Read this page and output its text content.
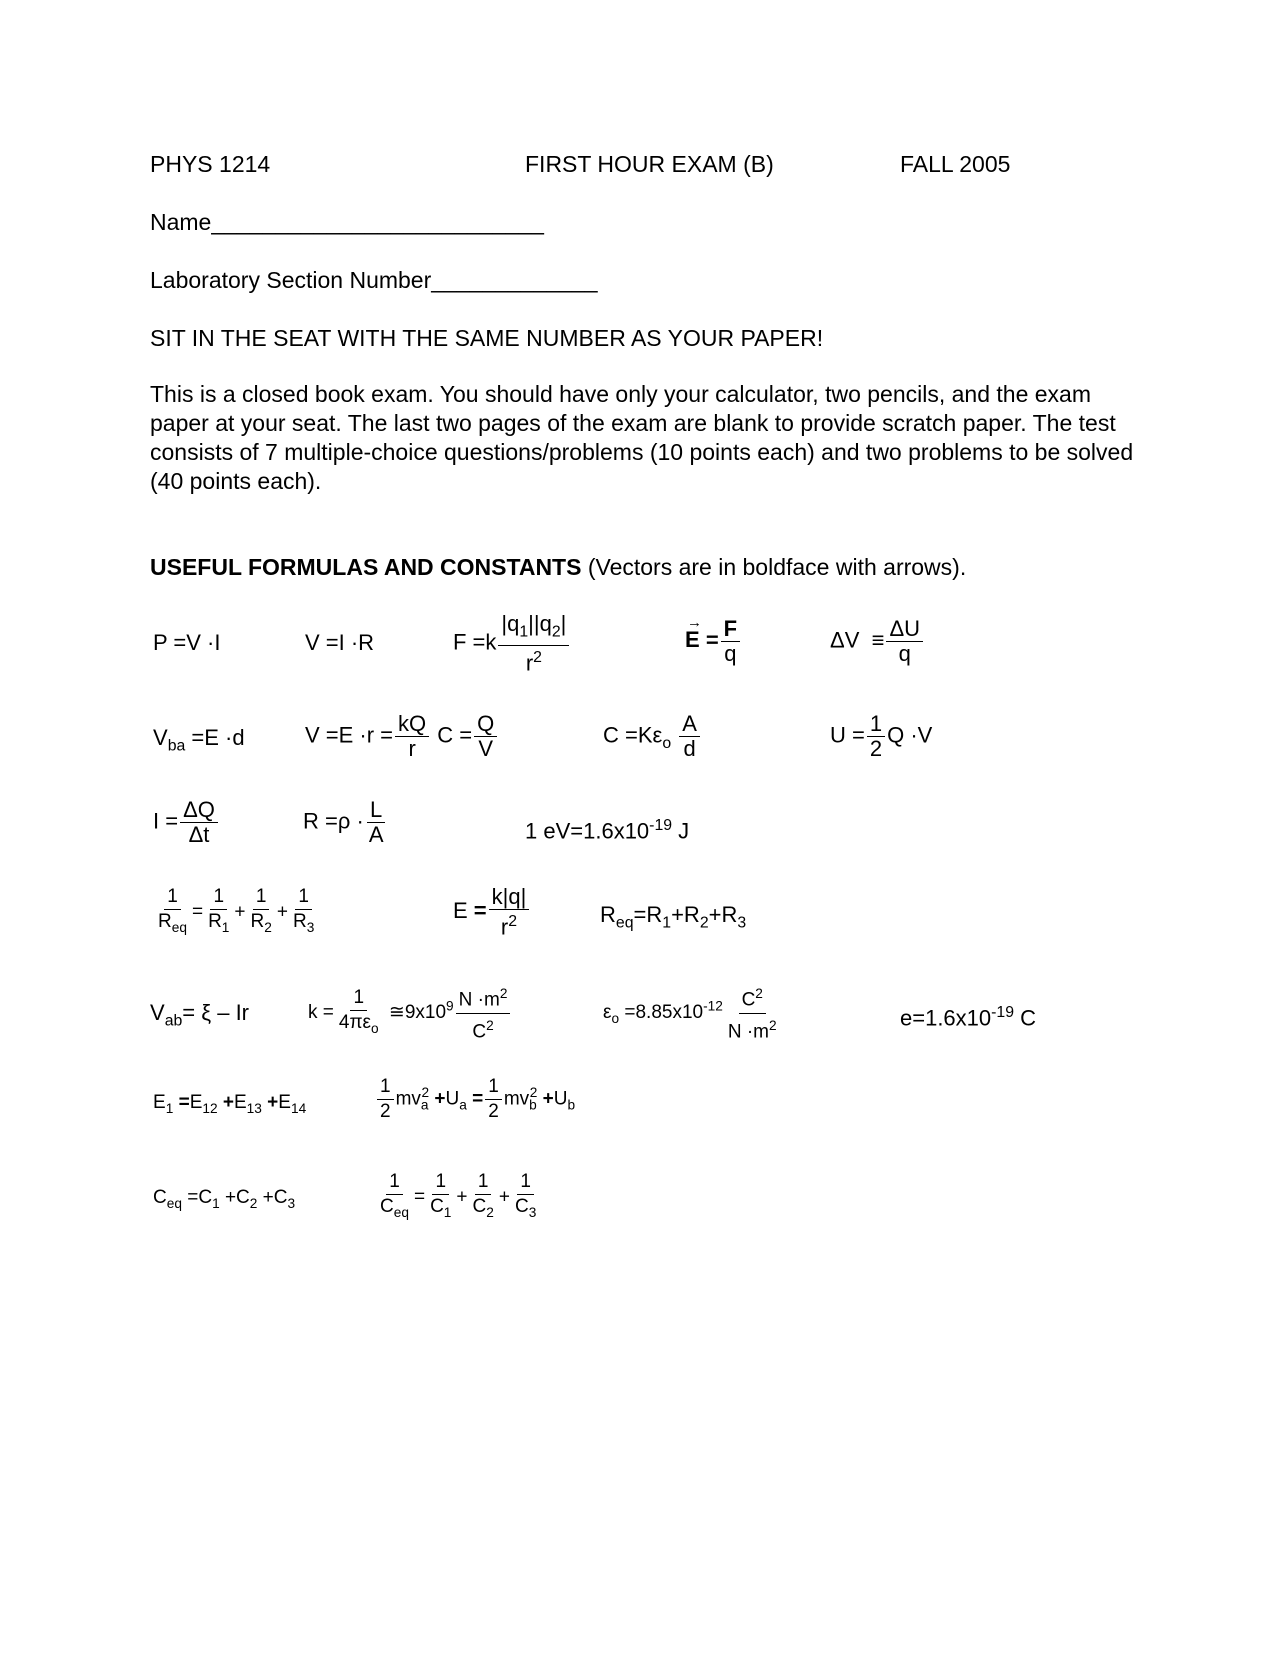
PHYS 1214	FIRST HOUR EXAM (B)	FALL 2005
Name__________________________
Laboratory Section Number_____________
SIT IN THE SEAT WITH THE SAME NUMBER AS YOUR PAPER!
This is a closed book exam. You should have only your calculator, two pencils, and the exam paper at your seat. The last two pages of the exam are blank to provide scratch paper. The test consists of 7 multiple-choice questions/problems (10 points each) and two problems to be solved (40 points each).
USEFUL FORMULAS AND CONSTANTS (Vectors are in boldface with arrows).
P =V ·I	V =I ·R	$F =k \frac{|q_1||q_2|}{r^2}$
→	$E = \frac{F}{q}$	$\Delta V \equiv \frac{\Delta U}{q}$
$V_{ba} =E \cdot d$	$V =E \cdot r = \frac{kQ}{r}$ $C = \frac{Q}{V}$	$C =K\varepsilon_o \frac{A}{d}$	$U = \frac{1}{2}$ Q ·V
$I = \frac{\Delta Q}{\Delta t}$	$R =\rho \cdot \frac{L}{A}$	1 $eV=1.6x10^{-19}$ J
$\frac{1}{R_{eq}} = \frac{1}{R_1} + \frac{1}{R_2} + \frac{1}{R_3}$	$E = \frac{k|q|}{r^2}$	$R_{eq}=R_1+R_2+R_3$
$V_{ab}= \xi - Ir$	$k = \frac{1}{4\pi\varepsilon_o}$ $≅9x10^9 \frac{N \cdot m^2}{C^2}$	$\varepsilon_o =8.85x10^{-12} \frac{C^2}{N \cdot m^2}$	$e=1.6x10^{-19}$ C
$E_1 =E_{12} +E_{13} +E_{14}$	$\frac{1}{2} mv_a^2 +U_a = \frac{1}{2} mv_b^2 +U_b$
$C_{eq} =C_1 +C_2 +C_3$	$\frac{1}{C_{eq}} = \frac{1}{C_1} + \frac{1}{C_2} + \frac{1}{C_3}$
